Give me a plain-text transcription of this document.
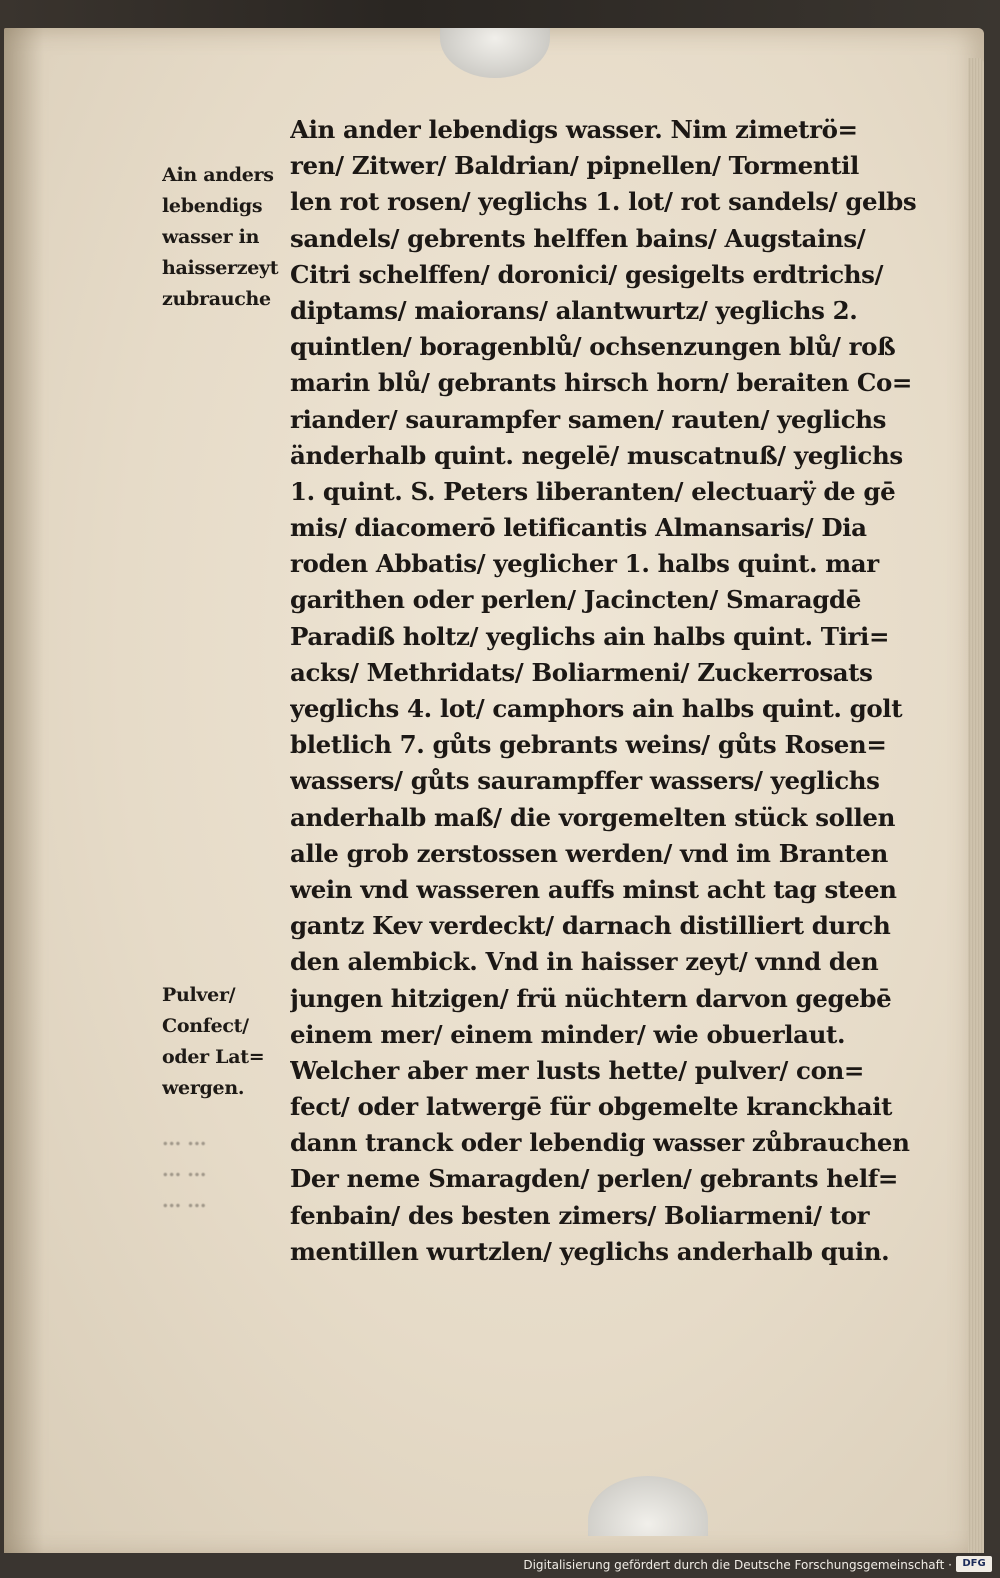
Ain anders
lebendigs
wasser in
haisserzeyt
zubrauche
Pulver/
Confect/
oder Lat=
wergen.
... ...
... ...
... ...
Ain ander lebendigs wasser. Nim zimetrö=
ren/ Zitwer/ Baldrian/ pipnellen/ Tormentil
len rot rosen/ yeglichs 1. lot/ rot sandels/ gelbs
sandels/ gebrents helffen bains/ Augstains/
Citri schelffen/ doronici/ gesigelts erdtrichs/
diptams/ maiorans/ alantwurtz/ yeglichs 2.
quintlen/ boragenblů/ ochsenzungen blů/ roß
marin blů/ gebrants hirsch horn/ beraiten Co=
riander/ saurampfer samen/ rauten/ yeglichs
änderhalb quint. negelē/ muscatnuß/ yeglichs
1. quint. S. Peters liberanten/ electuarÿ de gē
mis/ diacomerō letificantis Almansaris/ Dia
roden Abbatis/ yeglicher 1. halbs quint. mar
garithen oder perlen/ Jacincten/ Smaragdē
Paradiß holtz/ yeglichs ain halbs quint. Tiri=
acks/ Methridats/ Boliarmeni/ Zuckerrosats
yeglichs 4. lot/ camphors ain halbs quint. golt
bletlich 7. gůts gebrants weins/ gůts Rosen=
wassers/ gůts saurampffer wassers/ yeglichs
anderhalb maß/ die vorgemelten stück sollen
alle grob zerstossen werden/ vnd im Branten
wein vnd wasseren auffs minst acht tag steen
gantz Kev verdeckt/ darnach distilliert durch
den alembick. Vnd in haisser zeyt/ vnnd den
jungen hitzigen/ frü nüchtern darvon gegebē
einem mer/ einem minder/ wie obuerlaut.
Welcher aber mer lusts hette/ pulver/ con=
fect/ oder latwergē für obgemelte kranckhait
dann tranck oder lebendig wasser zůbrauchen
Der neme Smaragden/ perlen/ gebrants helf=
fenbain/ des besten zimers/ Boliarmeni/ tor
mentillen wurtzlen/ yeglichs anderhalb quin.
Digitalisierung gefördert durch die Deutsche Forschungsgemeinschaft ·	DFG
